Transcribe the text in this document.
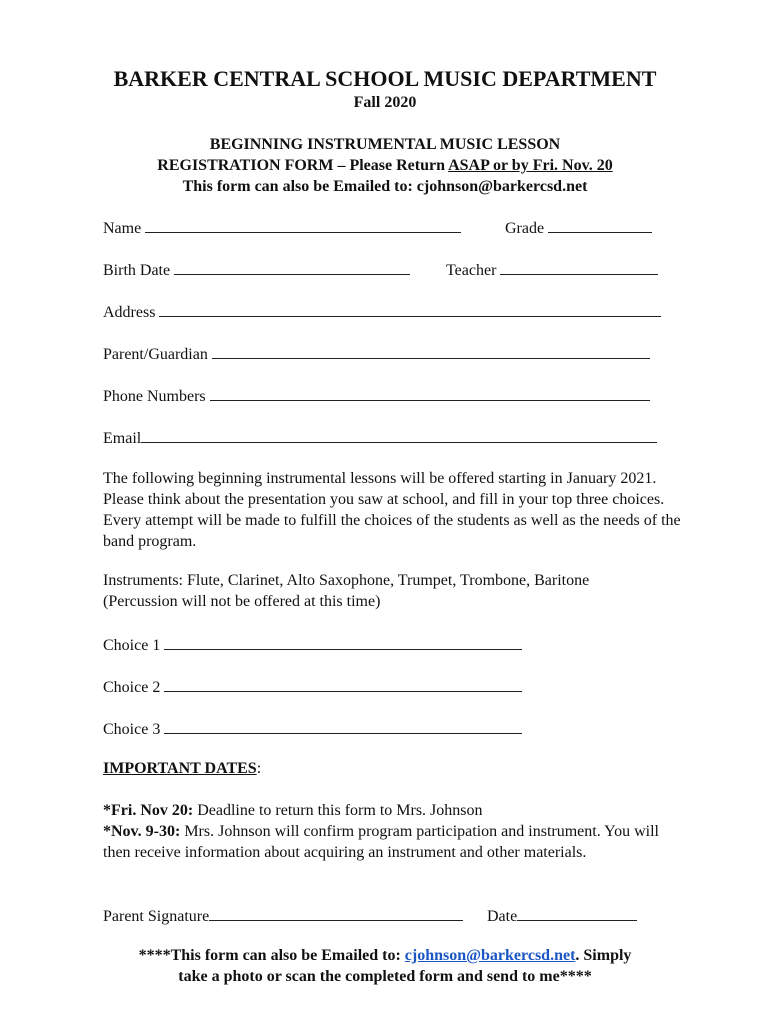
BARKER CENTRAL SCHOOL MUSIC DEPARTMENT
Fall 2020
BEGINNING INSTRUMENTAL MUSIC LESSON
REGISTRATION FORM – Please Return ASAP or by Fri. Nov. 20
This form can also be Emailed to: cjohnson@barkercsd.net
Name	Grade
Birth Date	Teacher
Address
Parent/Guardian
Phone Numbers
Email
The following beginning instrumental lessons will be offered starting in January 2021. Please think about the presentation you saw at school, and fill in your top three choices. Every attempt will be made to fulfill the choices of the students as well as the needs of the band program.
Instruments: Flute, Clarinet, Alto Saxophone, Trumpet, Trombone, Baritone
(Percussion will not be offered at this time)
Choice 1
Choice 2
Choice 3
IMPORTANT DATES:
*Fri. Nov 20: Deadline to return this form to Mrs. Johnson
*Nov. 9-30: Mrs. Johnson will confirm program participation and instrument. You will then receive information about acquiring an instrument and other materials.
Parent Signature	Date
****This form can also be Emailed to: cjohnson@barkercsd.net. Simply
take a photo or scan the completed form and send to me****
